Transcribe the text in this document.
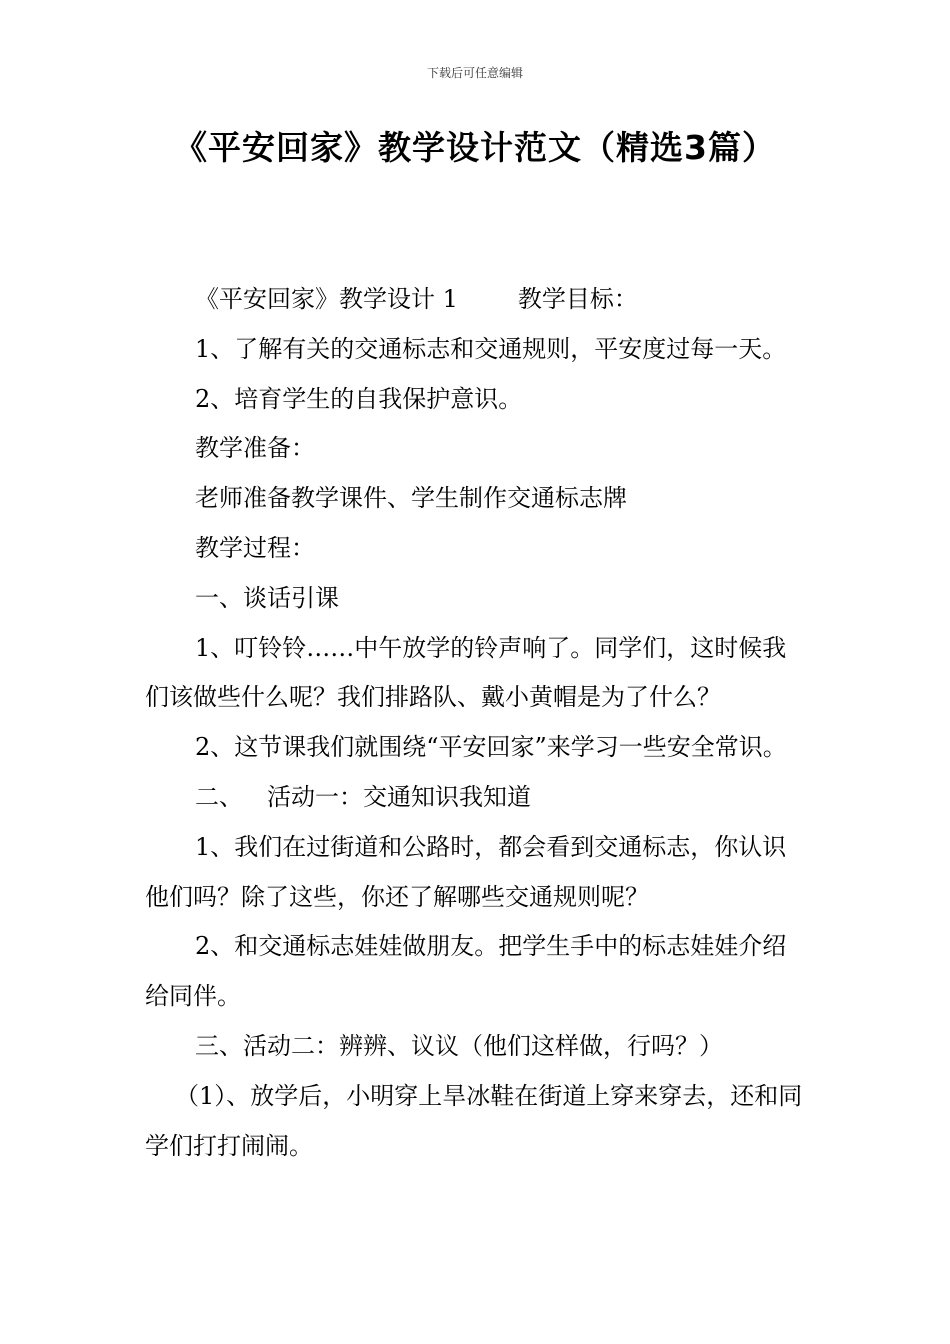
下载后可任意编辑
《平安回家》教学设计范文（精选3篇）

《平安回家》教学设计 1	教学目标：

1、了解有关的交通标志和交通规则，平安度过每一天。

2、培育学生的自我保护意识。

教学准备：

老师准备教学课件、学生制作交通标志牌

教学过程：

一、谈话引课

1、叮铃铃……中午放学的铃声响了。同学们，这时候我们该做些什么呢？我们排路队、戴小黄帽是为了什么？

2、这节课我们就围绕“平安回家”来学习一些安全常识。

二、 活动一：交通知识我知道

1、我们在过街道和公路时，都会看到交通标志，你认识他们吗？除了这些，你还了解哪些交通规则呢？

2、和交通标志娃娃做朋友。把学生手中的标志娃娃介绍给同伴。

三、活动二：辨辨、议议（他们这样做，行吗？）

（1）、放学后，小明穿上旱冰鞋在街道上穿来穿去，还和同学们打打闹闹。
